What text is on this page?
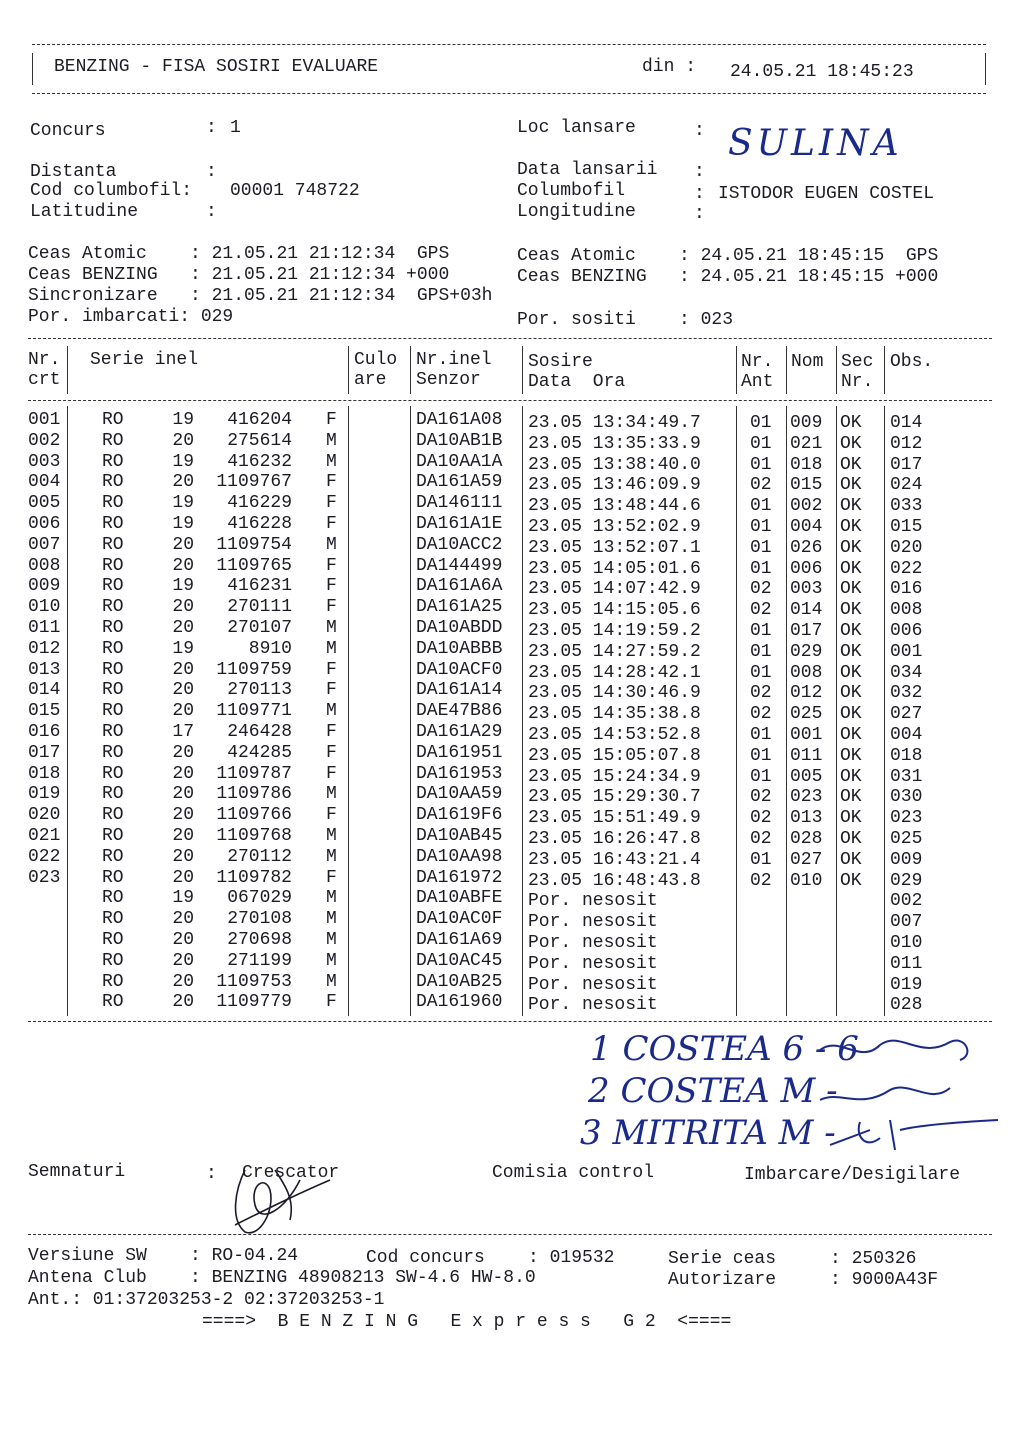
BENZING - FISA SOSIRI EVALUARE	din : 24.05.21 18:45:23
Concurs	: 1
Distanta	:
Cod columbofil: 00001 748722
Latitudine	:
Loc lansare	: SULINA
Data lansarii :
Columbofil	: ISTODOR EUGEN COSTEL
Longitudine	:
Ceas Atomic    : 21.05.21 21:12:34  GPS
Ceas BENZING   : 21.05.21 21:12:34 +000
Sincronizare   : 21.05.21 21:12:34  GPS+03h
Por. imbarcati: 029
Ceas Atomic    : 24.05.21 18:45:15  GPS
Ceas BENZING   : 24.05.21 18:45:15 +000
Por. sositi    : 023
Nr.
crt
Serie inel	Culo
are
Nr.inel
Senzor
Sosire
Data  Ora
Nr.
Ant
Nom Sec
Nr.
Obs.
001	RO	19	416204 F	DA161A08	23.05 13:34:49.7	01	009 OK	014
002	RO	20	275614 M	DA10AB1B	23.05 13:35:33.9	01	021 OK	012
003	RO	19	416232 M	DA10AA1A	23.05 13:38:40.0	01	018 OK	017
004	RO	20	1109767 F	DA161A59	23.05 13:46:09.9	02	015 OK	024
005	RO	19	416229 F	DA146111	23.05 13:48:44.6	01	002 OK	033
006	RO	19	416228 F	DA161A1E	23.05 13:52:02.9	01	004 OK	015
007	RO	20	1109754 M	DA10ACC2	23.05 13:52:07.1	01	026 OK	020
008	RO	20	1109765 F	DA144499	23.05 14:05:01.6	01	006 OK	022
009	RO	19	416231 F	DA161A6A	23.05 14:07:42.9	02	003 OK	016
010	RO	20	270111 F	DA161A25	23.05 14:15:05.6	02	014 OK	008
011	RO	20	270107 M	DA10ABDD	23.05 14:19:59.2	01	017 OK	006
012	RO	19	8910 M	DA10ABBB	23.05 14:27:59.2	01	029 OK	001
013	RO	20	1109759 F	DA10ACF0	23.05 14:28:42.1	01	008 OK	034
014	RO	20	270113 F	DA161A14	23.05 14:30:46.9	02	012 OK	032
015	RO	20	1109771 M	DAE47B86	23.05 14:35:38.8	02	025 OK	027
016	RO	17	246428 F	DA161A29	23.05 14:53:52.8	01	001 OK	004
017	RO	20	424285 F	DA161951	23.05 15:05:07.8	01	011 OK	018
018	RO	20	1109787 F	DA161953	23.05 15:24:34.9	01	005 OK	031
019	RO	20	1109786 M	DA10AA59	23.05 15:29:30.7	02	023 OK	030
020	RO	20	1109766 F	DA1619F6	23.05 15:51:49.9	02	013 OK	023
021	RO	20	1109768 M	DA10AB45	23.05 16:26:47.8	02	028 OK	025
022	RO	20	270112 M	DA10AA98	23.05 16:43:21.4	01	027 OK	009
023	RO	20	1109782 F	DA161972	23.05 16:48:43.8	02	010 OK	029
RO	19	067029 M	DA10ABFE	Por. nesosit	002
RO	20	270108 M	DA10AC0F	Por. nesosit	007
RO	20	270698 M	DA161A69	Por. nesosit	010
RO	20	271199 M	DA10AC45	Por. nesosit	011
RO	20	1109753 M	DA10AB25	Por. nesosit	019
RO	20	1109779 F	DA161960	Por. nesosit	028
1 COSTEA 6 - 6
2 COSTEA M -
3 MITRITA M -
Semnaturi	: Crescator	Comisia control	Imbarcare/Desigilare
Versiune SW    : RO-04.24	Cod concurs    : 019532	Serie ceas     : 250326
Antena Club    : BENZING 48908213 SW-4.6 HW-8.0	Autorizare     : 9000A43F
Ant.: 01:37203253-2 02:37203253-1
====>  B E N Z I N G   E x p r e s s   G 2  <====
